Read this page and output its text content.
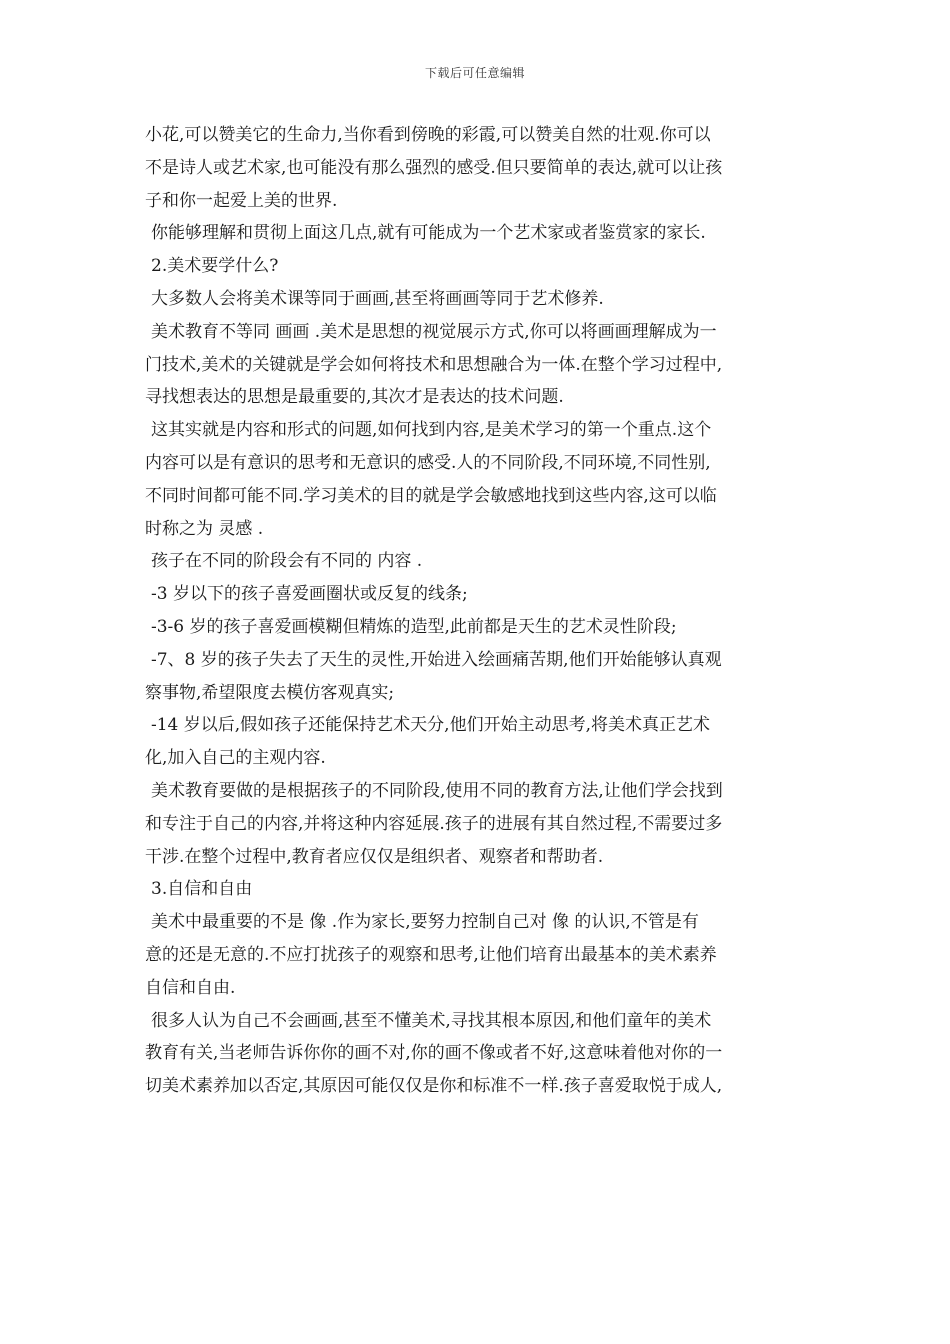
下载后可任意编辑
小花,可以赞美它的生命力,当你看到傍晚的彩霞,可以赞美自然的壮观.你可以
不是诗人或艺术家,也可能没有那么强烈的感受.但只要简单的表达,就可以让孩
子和你一起爱上美的世界.
你能够理解和贯彻上面这几点,就有可能成为一个艺术家或者鉴赏家的家长.
2.美术要学什么?
大多数人会将美术课等同于画画,甚至将画画等同于艺术修养.
美术教育不等同 画画 .美术是思想的视觉展示方式,你可以将画画理解成为一
门技术,美术的关键就是学会如何将技术和思想融合为一体.在整个学习过程中,
寻找想表达的思想是最重要的,其次才是表达的技术问题.
这其实就是内容和形式的问题,如何找到内容,是美术学习的第一个重点.这个
内容可以是有意识的思考和无意识的感受.人的不同阶段,不同环境,不同性别,
不同时间都可能不同.学习美术的目的就是学会敏感地找到这些内容,这可以临
时称之为 灵感 .
孩子在不同的阶段会有不同的 内容 .
-3 岁以下的孩子喜爱画圈状或反复的线条;
-3-6 岁的孩子喜爱画模糊但精炼的造型,此前都是天生的艺术灵性阶段;
-7、8 岁的孩子失去了天生的灵性,开始进入绘画痛苦期,他们开始能够认真观
察事物,希望限度去模仿客观真实;
-14 岁以后,假如孩子还能保持艺术天分,他们开始主动思考,将美术真正艺术
化,加入自己的主观内容.
美术教育要做的是根据孩子的不同阶段,使用不同的教育方法,让他们学会找到
和专注于自己的内容,并将这种内容延展.孩子的进展有其自然过程,不需要过多
干涉.在整个过程中,教育者应仅仅是组织者、观察者和帮助者.
3.自信和自由
美术中最重要的不是 像 .作为家长,要努力控制自己对 像 的认识,不管是有
意的还是无意的.不应打扰孩子的观察和思考,让他们培育出最基本的美术素养
自信和自由.
很多人认为自己不会画画,甚至不懂美术,寻找其根本原因,和他们童年的美术
教育有关,当老师告诉你你的画不对,你的画不像或者不好,这意味着他对你的一
切美术素养加以否定,其原因可能仅仅是你和标准不一样.孩子喜爱取悦于成人,
